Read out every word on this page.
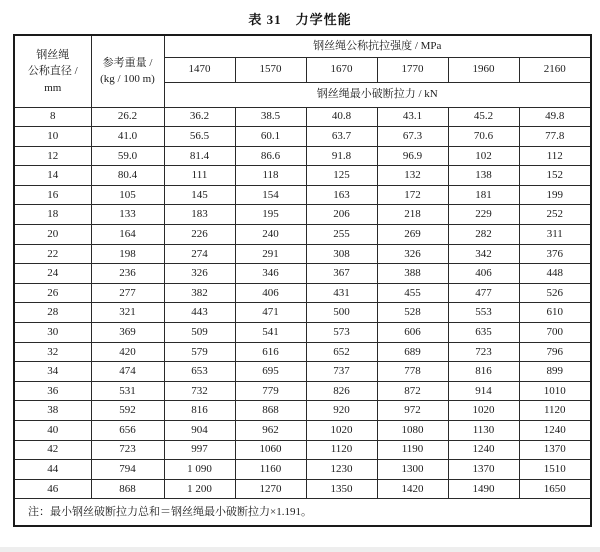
表 31　力学性能
钢丝绳
公称直径 /
mm	参考重量 /
(kg / 100 m)	钢丝绳公称抗拉强度 / MPa					
		1470	1570	1670	1770	1960	2160
		钢丝绳最小破断拉力 / kN					
8	26.2	36.2	38.5	40.8	43.1	45.2	49.8
10	41.0	56.5	60.1	63.7	67.3	70.6	77.8
12	59.0	81.4	86.6	91.8	96.9	102	112
14	80.4	111	118	125	132	138	152
16	105	145	154	163	172	181	199
18	133	183	195	206	218	229	252
20	164	226	240	255	269	282	311
22	198	274	291	308	326	342	376
24	236	326	346	367	388	406	448
26	277	382	406	431	455	477	526
28	321	443	471	500	528	553	610
30	369	509	541	573	606	635	700
32	420	579	616	652	689	723	796
34	474	653	695	737	778	816	899
36	531	732	779	826	872	914	1010
38	592	816	868	920	972	1020	1120
40	656	904	962	1020	1080	1130	1240
42	723	997	1060	1120	1190	1240	1370
44	794	1 090	1160	1230	1300	1370	1510
46	868	1 200	1270	1350	1420	1490	1650
注：最小钢丝破断拉力总和＝钢丝绳最小破断拉力×1.191。							
